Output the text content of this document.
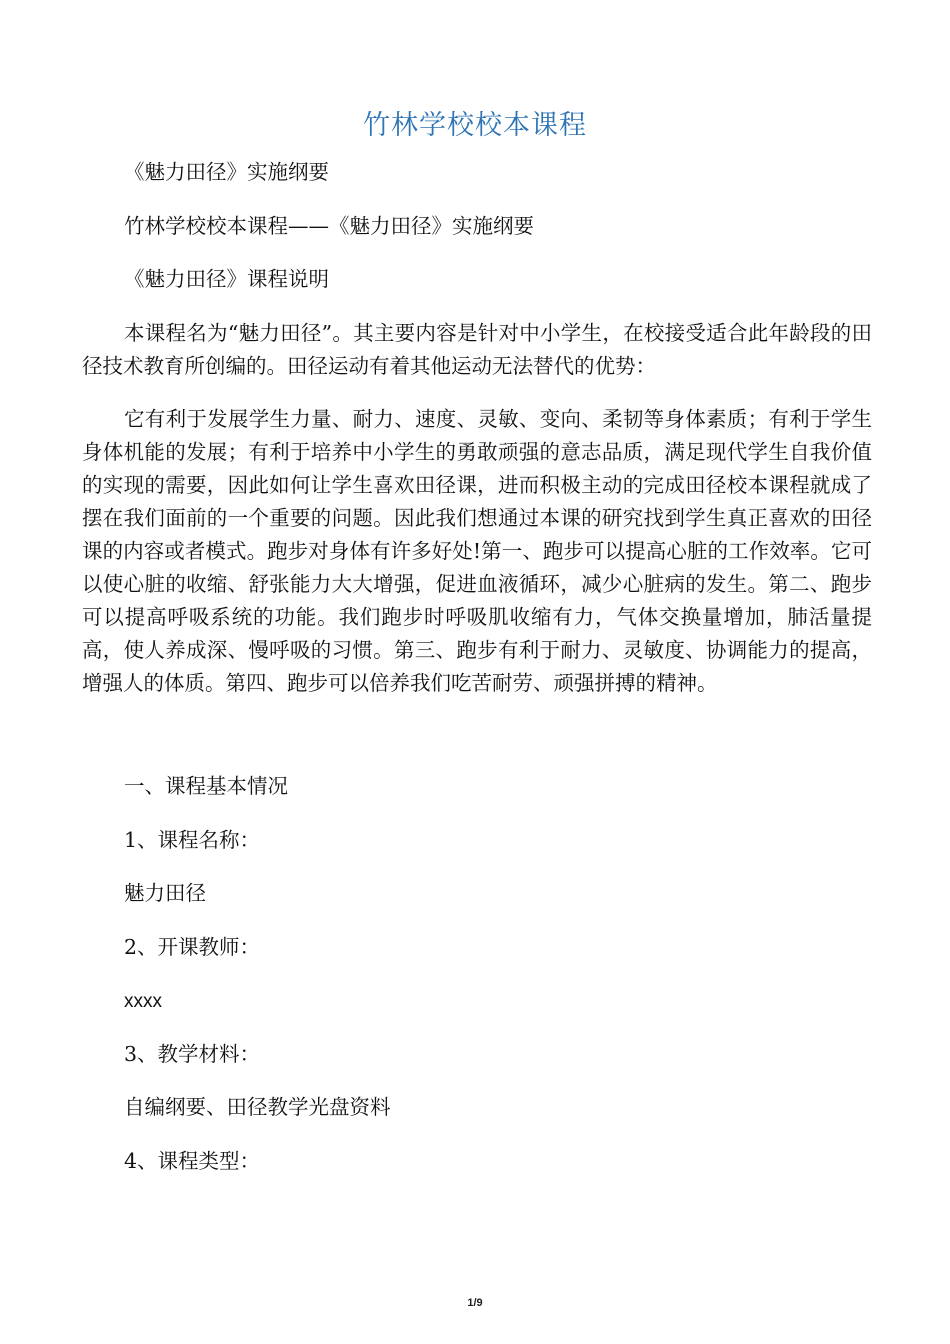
竹林学校校本课程
《魅力田径》实施纲要
竹林学校校本课程——《魅力田径》实施纲要
《魅力田径》课程说明
本课程名为“魅力田径”。其主要内容是针对中小学生，在校接受适合此年龄段的田径技术教育所创编的。田径运动有着其他运动无法替代的优势：
它有利于发展学生力量、耐力、速度、灵敏、变向、柔韧等身体素质；有利于学生身体机能的发展；有利于培养中小学生的勇敢顽强的意志品质，满足现代学生自我价值的实现的需要，因此如何让学生喜欢田径课，进而积极主动的完成田径校本课程就成了摆在我们面前的一个重要的问题。因此我们想通过本课的研究找到学生真正喜欢的田径课的内容或者模式。跑步对身体有许多好处!第一、跑步可以提高心脏的工作效率。它可以使心脏的收缩、舒张能力大大增强，促进血液循环，减少心脏病的发生。第二、跑步可以提高呼吸系统的功能。我们跑步时呼吸肌收缩有力，气体交换量增加，肺活量提高，使人养成深、慢呼吸的习惯。第三、跑步有利于耐力、灵敏度、协调能力的提高，增强人的体质。第四、跑步可以倍养我们吃苦耐劳、顽强拼搏的精神。
一、课程基本情况
1、课程名称：
魅力田径
2、开课教师：
xxxx
3、教学材料：
自编纲要、田径教学光盘资料
4、课程类型：
1/9
